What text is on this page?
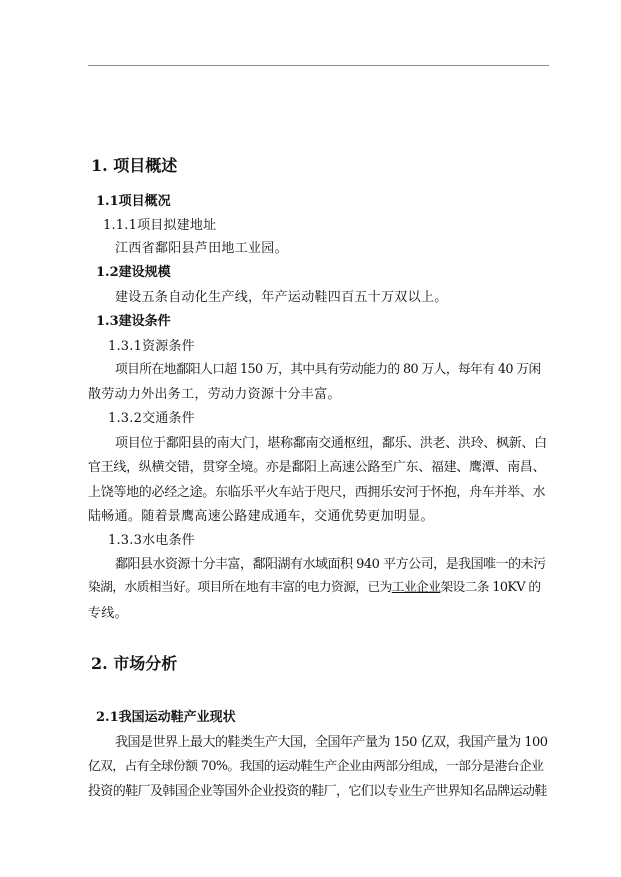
1. 项目概述
1.1项目概况
1.1.1项目拟建地址
江西省鄱阳县芦田地工业园。
1.2建设规模
建设五条自动化生产线，年产运动鞋四百五十万双以上。
1.3建设条件
1.3.1资源条件
项目所在地鄱阳人口超 150 万，其中具有劳动能力的 80 万人，每年有 40 万闲
散劳动力外出务工，劳动力资源十分丰富。
1.3.2交通条件
项目位于鄱阳县的南大门，堪称鄱南交通枢纽，鄱乐、洪老、洪玲、枫新、白
官王线，纵横交错，贯穿全境。亦是鄱阳上高速公路至广东、福建、鹰潭、南昌、
上饶等地的必经之途。东临乐平火车站于咫尺，西拥乐安河于怀抱，舟车并举、水
陆畅通。随着景鹰高速公路建成通车，交通优势更加明显。
1.3.3水电条件
鄱阳县水资源十分丰富，鄱阳湖有水域面积 940 平方公司，是我国唯一的未污
染湖，水质相当好。项目所在地有丰富的电力资源，已为工业企业架设二条 10KV 的
专线。
2. 市场分析
2.1我国运动鞋产业现状
我国是世界上最大的鞋类生产大国，全国年产量为 150 亿双，我国产量为 100
亿双，占有全球份额 70%。我国的运动鞋生产企业由两部分组成，一部分是港台企业
投资的鞋厂及韩国企业等国外企业投资的鞋厂，它们以专业生产世界知名品牌运动鞋
